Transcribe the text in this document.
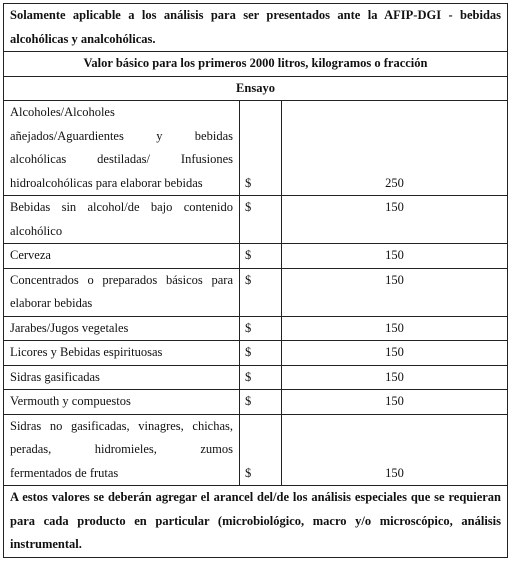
Solamente aplicable a los análisis para ser presentados ante la AFIP-DGI - bebidas alcohólicas y analcohólicas.		
Valor básico para los primeros 2000 litros, kilogramos o fracción		
Ensayo		

Alcoholes/Alcoholes
añejados/Aguardientes y bebidas
alcohólicas destiladas/ Infusiones
hidroalcohólicas para elaborar bebidas	$	250

Bebidas sin alcohol/de bajo contenido
alcohólico	$	150
Cerveza	$	150

Concentrados o preparados básicos para
elaborar bebidas	$	150
Jarabes/Jugos vegetales	$	150
Licores y Bebidas espirituosas	$	150
Sidras gasificadas	$	150
Vermouth y compuestos	$	150

Sidras no gasificadas, vinagres, chichas,
peradas, hidromieles, zumos
fermentados de frutas	$	150
A estos valores se deberán agregar el arancel del/de los análisis especiales que se requieran para cada producto en particular (microbiológico, macro y/o microscópico, análisis instrumental.		
